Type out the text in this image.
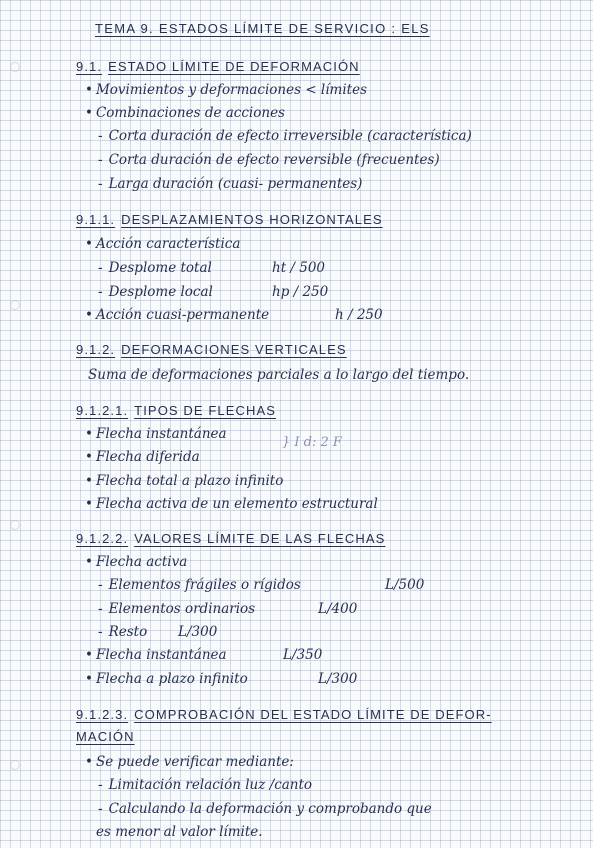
TEMA 9. ESTADOS LÍMITE DE SERVICIO : ELS
9.1. ESTADO LÍMITE DE DEFORMACIÓN
• Movimientos y deformaciones < límites
• Combinaciones de acciones
- Corta duración de efecto irreversible (característica)
- Corta duración de efecto reversible (frecuentes)
- Larga duración (cuasi- permanentes)
9.1.1. DESPLAZAMIENTOS HORIZONTALES
• Acción característica
- Desplome total	ht / 500
- Desplome local	hp / 250
• Acción cuasi-permanente	h / 250
9.1.2. DEFORMACIONES VERTICALES
Suma de deformaciones parciales a lo largo del tiempo.
9.1.2.1. TIPOS DE FLECHAS
• Flecha instantánea
} I d: 2 F
• Flecha diferida
• Flecha total a plazo infinito
• Flecha activa de un elemento estructural
9.1.2.2. VALORES LÍMITE DE LAS FLECHAS
• Flecha activa
- Elementos frágiles o rígidos	L/500
- Elementos ordinarios	L/400
- Resto L/300
• Flecha instantánea	L/350
• Flecha a plazo infinito	L/300
9.1.2.3. COMPROBACIÓN DEL ESTADO LÍMITE DE DEFOR-
MACIÓN
• Se puede verificar mediante:
- Limitación relación luz /canto
- Calculando la deformación y comprobando que
es menor al valor límite.
